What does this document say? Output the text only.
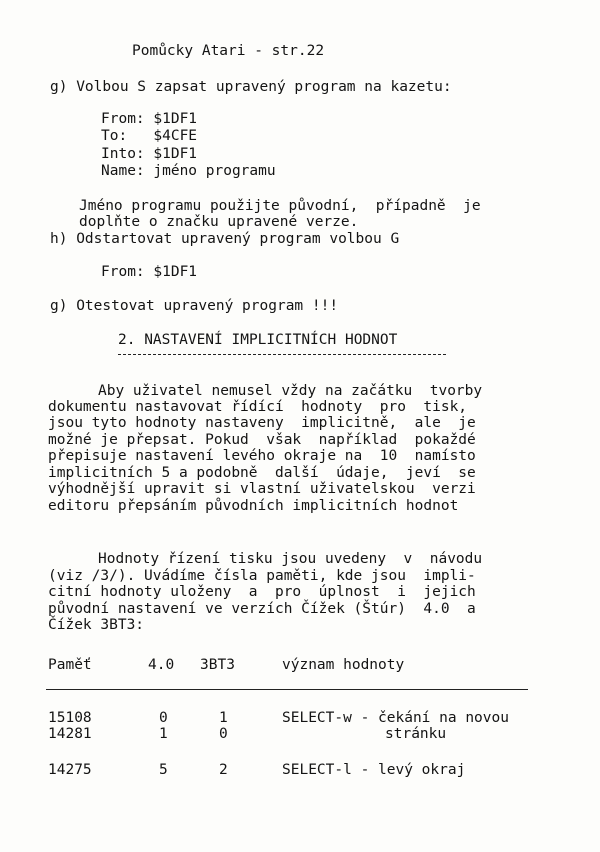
Pomůcky Atari - str.22
g) Volbou S zapsat upravený program na kazetu:
From: $1DF1
To:   $4CFE
Into: $1DF1
Name: jméno programu
Jméno programu použijte původní,  případně  je
doplňte o značku upravené verze.
h) Odstartovat upravený program volbou G
From: $1DF1
g) Otestovat upravený program !!!
2. NASTAVENÍ IMPLICITNÍCH HODNOT
Aby uživatel nemusel vždy na začátku  tvorby
dokumentu nastavovat řídící  hodnoty  pro  tisk,
jsou tyto hodnoty nastaveny  implicitně,  ale  je
možné je přepsat. Pokud  však  například  pokaždé
přepisuje nastavení levého okraje na  10  namísto
implicitních 5 a podobně  další  údaje,  jeví  se
výhodnější upravit si vlastní uživatelskou  verzi
editoru přepsáním původních implicitních hodnot
Hodnoty řízení tisku jsou uvedeny  v  návodu
(viz /3/). Uvádíme čísla paměti, kde jsou  impli-
citní hodnoty uloženy  a  pro  úplnost  i  jejich
původní nastavení ve verzích Čížek (Štúr)  4.0  a
Čížek 3BT3:
Paměť	4.0 3BT3	význam hodnoty
15108	0	1	SELECT-w - čekání na novou
14281	1	0	stránku
14275	5	2	SELECT-l - levý okraj
